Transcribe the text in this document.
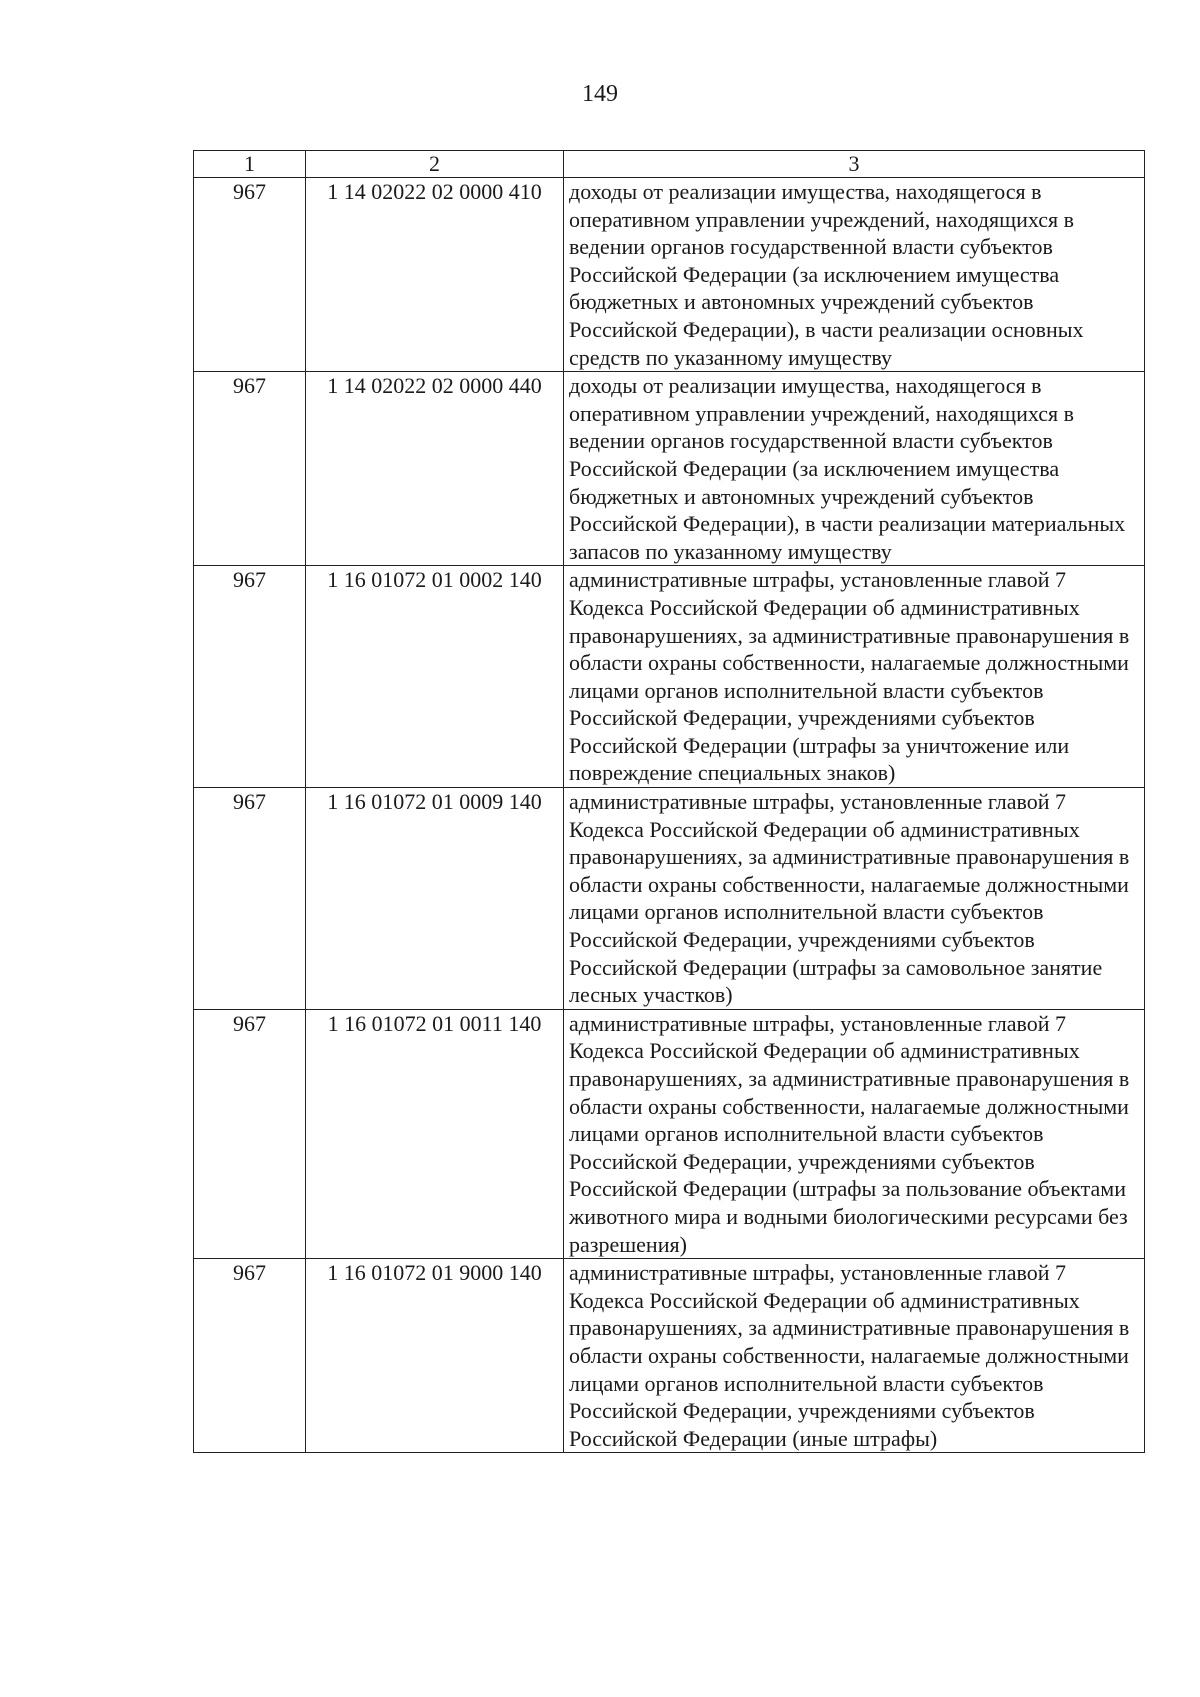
149
1	2	3
967	1 14 02022 02 0000 410	доходы от реализации имущества, находящегося в оперативном управлении учреждений, находящихся в ведении органов государственной власти субъектов Российской Федерации (за исключением имущества бюджетных и автономных учреждений субъектов Российской Федерации), в части реализации основных средств по указанному имуществу
967	1 14 02022 02 0000 440	доходы от реализации имущества, находящегося в оперативном управлении учреждений, находящихся в ведении органов государственной власти субъектов Российской Федерации (за исключением имущества бюджетных и автономных учреждений субъектов Российской Федерации), в части реализации материальных запасов по указанному имуществу
967	1 16 01072 01 0002 140	административные штрафы, установленные главой 7 Кодекса Российской Федерации об административных правонарушениях, за административные правонарушения в области охраны собственности, налагаемые должностными лицами органов исполнительной власти субъектов Российской Федерации, учреждениями субъектов Российской Федерации (штрафы за уничтожение или повреждение специальных знаков)
967	1 16 01072 01 0009 140	административные штрафы, установленные главой 7 Кодекса Российской Федерации об административных правонарушениях, за административные правонарушения в области охраны собственности, налагаемые должностными лицами органов исполнительной власти субъектов Российской Федерации, учреждениями субъектов Российской Федерации (штрафы за самовольное занятие лесных участков)
967	1 16 01072 01 0011 140	административные штрафы, установленные главой 7 Кодекса Российской Федерации об административных правонарушениях, за административные правонарушения в области охраны собственности, налагаемые должностными лицами органов исполнительной власти субъектов Российской Федерации, учреждениями субъектов Российской Федерации (штрафы за пользование объектами животного мира и водными биологическими ресурсами без разрешения)
967	1 16 01072 01 9000 140	административные штрафы, установленные главой 7 Кодекса Российской Федерации об административных правонарушениях, за административные правонарушения в области охраны собственности, налагаемые должностными лицами органов исполнительной власти субъектов Российской Федерации, учреждениями субъектов Российской Федерации (иные штрафы)
